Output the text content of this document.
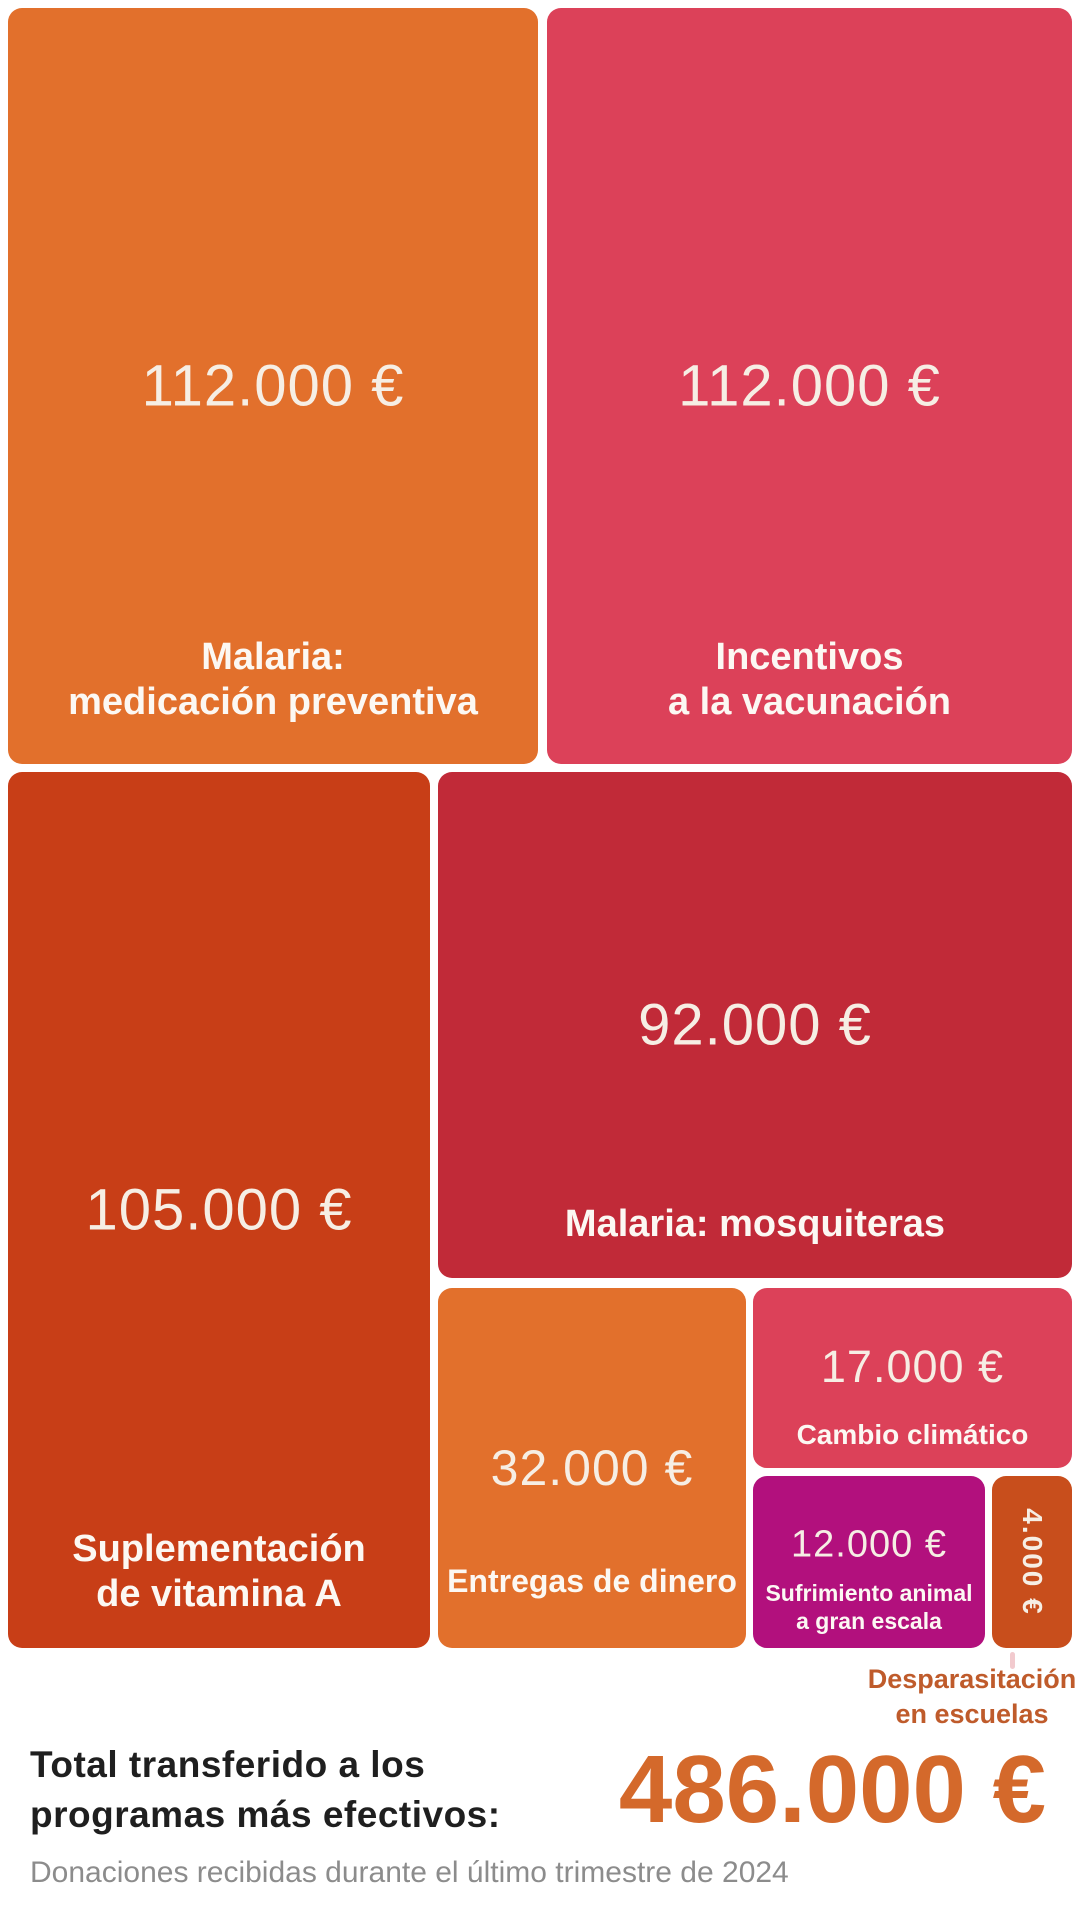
112.000 €
Malaria:
medicación preventiva
112.000 €
Incentivos
a la vacunación
105.000 €
Suplementación
de vitamina A
92.000 €
Malaria: mosquiteras
32.000 €
Entregas de dinero
17.000 €
Cambio climático
12.000 €
Sufrimiento animal
a gran escala
4.000 €
Desparasitación
en escuelas
Total transferido a los
programas más efectivos: 486.000 €
Donaciones recibidas durante el último trimestre de 2024
